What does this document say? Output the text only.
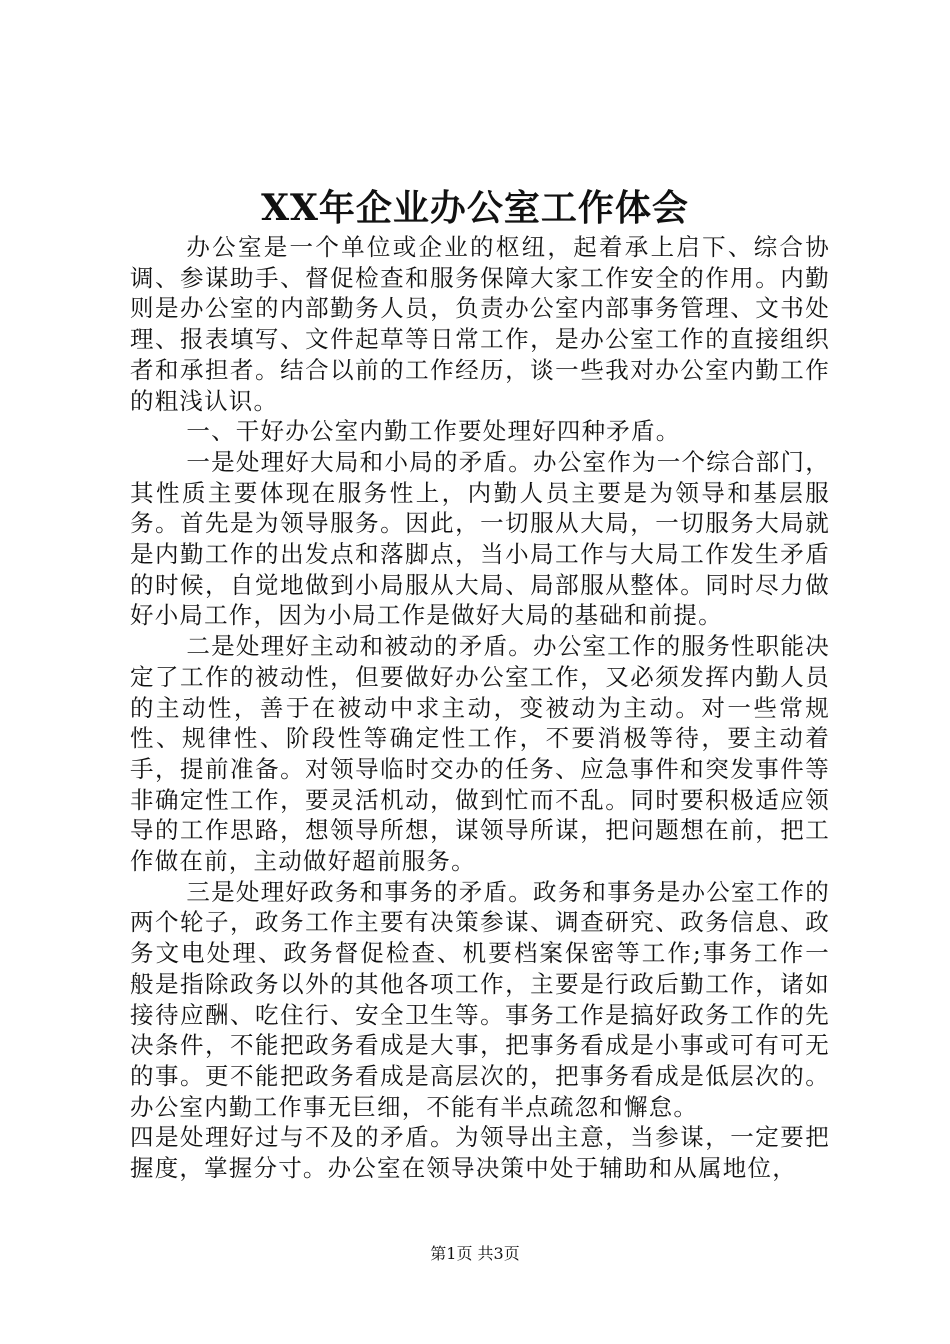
XX年企业办公室工作体会

办公室是一个单位或企业的枢纽，起着承上启下、综合协调、参谋助手、督促检查和服务保障大家工作安全的作用。内勤则是办公室的内部勤务人员，负责办公室内部事务管理、文书处理、报表填写、文件起草等日常工作，是办公室工作的直接组织者和承担者。结合以前的工作经历，谈一些我对办公室内勤工作的粗浅认识。

一、干好办公室内勤工作要处理好四种矛盾。

一是处理好大局和小局的矛盾。办公室作为一个综合部门，其性质主要体现在服务性上，内勤人员主要是为领导和基层服务。首先是为领导服务。因此，一切服从大局，一切服务大局就是内勤工作的出发点和落脚点，当小局工作与大局工作发生矛盾的时候，自觉地做到小局服从大局、局部服从整体。同时尽力做好小局工作，因为小局工作是做好大局的基础和前提。

二是处理好主动和被动的矛盾。办公室工作的服务性职能决定了工作的被动性，但要做好办公室工作，又必须发挥内勤人员的主动性，善于在被动中求主动，变被动为主动。对一些常规性、规律性、阶段性等确定性工作，不要消极等待，要主动着手，提前准备。对领导临时交办的任务、应急事件和突发事件等非确定性工作，要灵活机动，做到忙而不乱。同时要积极适应领导的工作思路，想领导所想，谋领导所谋，把问题想在前，把工作做在前，主动做好超前服务。

三是处理好政务和事务的矛盾。政务和事务是办公室工作的两个轮子，政务工作主要有决策参谋、调查研究、政务信息、政务文电处理、政务督促检查、机要档案保密等工作;事务工作一般是指除政务以外的其他各项工作，主要是行政后勤工作，诸如接待应酬、吃住行、安全卫生等。事务工作是搞好政务工作的先决条件，不能把政务看成是大事，把事务看成是小事或可有可无的事。更不能把政务看成是高层次的，把事务看成是低层次的。办公室内勤工作事无巨细，不能有半点疏忽和懈怠。

四是处理好过与不及的矛盾。为领导出主意，当参谋，一定要把握度，掌握分寸。办公室在领导决策中处于辅助和从属地位，

第1页 共3页
